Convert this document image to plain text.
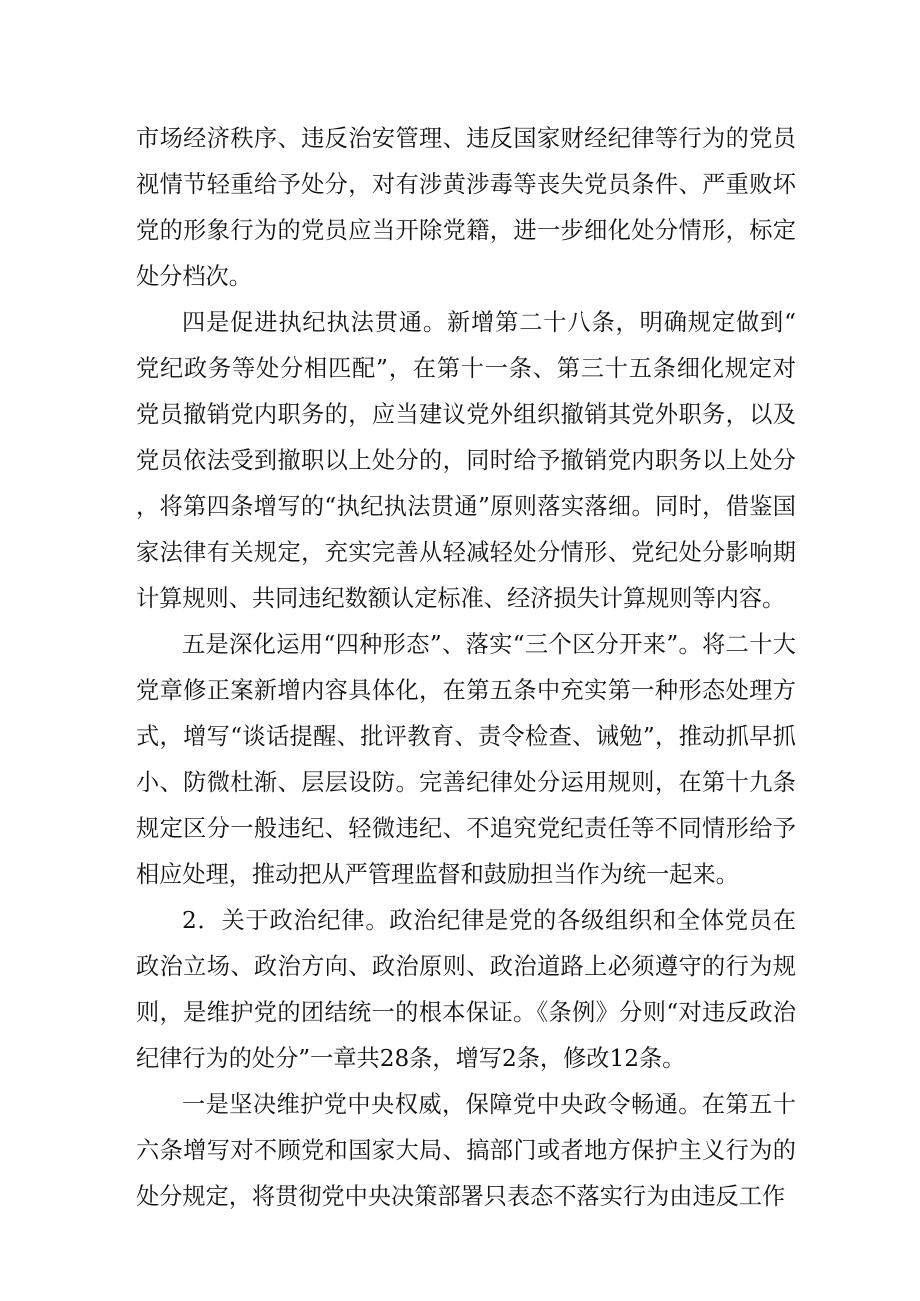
市场经济秩序、违反治安管理、违反国家财经纪律等行为的党员视情节轻重给予处分，对有涉黄涉毒等丧失党员条件、严重败坏党的形象行为的党员应当开除党籍，进一步细化处分情形，标定处分档次。

四是促进执纪执法贯通。新增第二十八条，明确规定做到“党纪政务等处分相匹配”，在第十一条、第三十五条细化规定对党员撤销党内职务的，应当建议党外组织撤销其党外职务，以及党员依法受到撤职以上处分的，同时给予撤销党内职务以上处分，将第四条增写的“执纪执法贯通”原则落实落细。同时，借鉴国家法律有关规定，充实完善从轻减轻处分情形、党纪处分影响期计算规则、共同违纪数额认定标准、经济损失计算规则等内容。

五是深化运用“四种形态”、落实“三个区分开来”。将二十大党章修正案新增内容具体化，在第五条中充实第一种形态处理方式，增写“谈话提醒、批评教育、责令检查、诫勉”，推动抓早抓小、防微杜渐、层层设防。完善纪律处分运用规则，在第十九条规定区分一般违纪、轻微违纪、不追究党纪责任等不同情形给予相应处理，推动把从严管理监督和鼓励担当作为统一起来。

2．关于政治纪律。政治纪律是党的各级组织和全体党员在政治立场、政治方向、政治原则、政治道路上必须遵守的行为规则，是维护党的团结统一的根本保证。《条例》分则“对违反政治纪律行为的处分”一章共28条，增写2条，修改12条。

一是坚决维护党中央权威，保障党中央政令畅通。在第五十六条增写对不顾党和国家大局、搞部门或者地方保护主义行为的处分规定，将贯彻党中央决策部署只表态不落实行为由违反工作
